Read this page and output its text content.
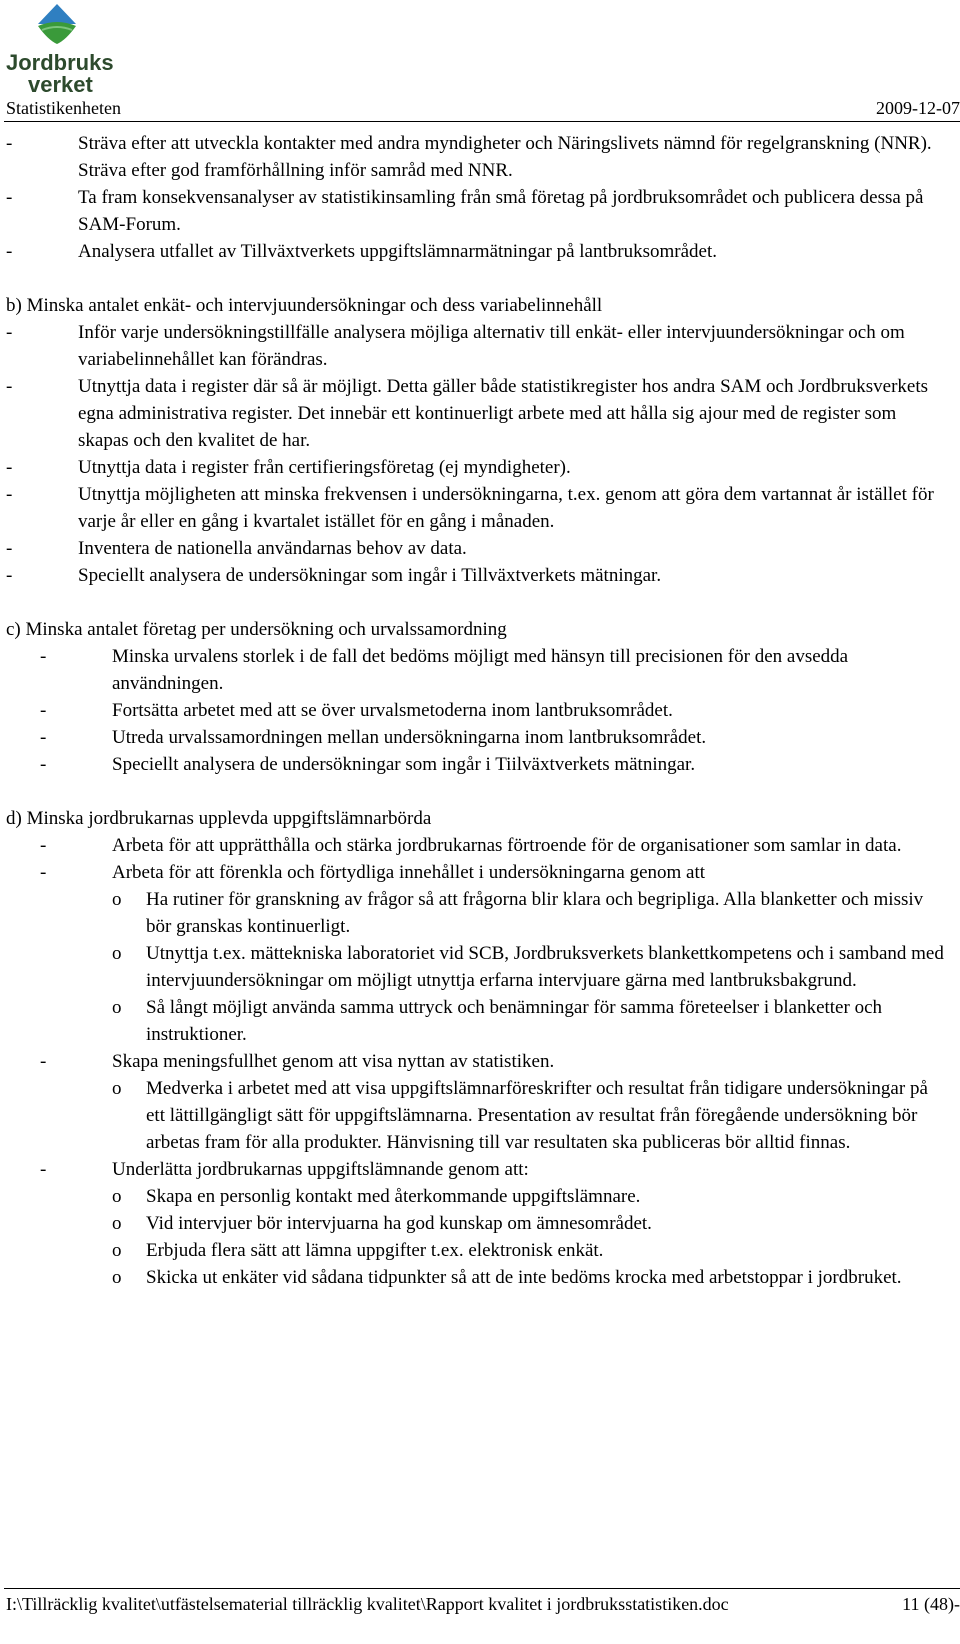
Jordbruks
verket
Statistikenheten	2009-12-07
-	Sträva efter att utveckla kontakter med andra myndigheter och Näringslivets nämnd för regelgranskning (NNR). Sträva efter god framförhållning inför samråd med NNR.
-	Ta fram konsekvensanalyser av statistikinsamling från små företag på jordbruksområdet och publicera dessa på SAM-Forum.
-	Analysera utfallet av Tillväxtverkets uppgiftslämnarmätningar på lantbruksområdet.

b) Minska antalet enkät- och intervjuundersökningar och dess variabelinnehåll

-	Inför varje undersökningstillfälle analysera möjliga alternativ till enkät- eller intervjuundersökningar och om variabelinnehållet kan förändras.
-	Utnyttja data i register där så är möjligt. Detta gäller både statistikregister hos andra SAM och Jordbruksverkets egna administrativa register. Det innebär ett kontinuerligt arbete med att hålla sig ajour med de register som skapas och den kvalitet de har.
-	Utnyttja data i register från certifieringsföretag (ej myndigheter).
-	Utnyttja möjligheten att minska frekvensen i undersökningarna, t.ex. genom att göra dem vartannat år istället för varje år eller en gång i kvartalet istället för en gång i månaden.
-	Inventera de nationella användarnas behov av data.
-	Speciellt analysera de undersökningar som ingår i Tillväxtverkets mätningar.

c) Minska antalet företag per undersökning och urvalssamordning

-	Minska urvalens storlek i de fall det bedöms möjligt med hänsyn till precisionen för den avsedda användningen.
-	Fortsätta arbetet med att se över urvalsmetoderna inom lantbruksområdet.
-	Utreda urvalssamordningen mellan undersökningarna inom lantbruksområdet.
-	Speciellt analysera de undersökningar som ingår i Tiilväxtverkets mätningar.

d) Minska jordbrukarnas upplevda uppgiftslämnarbörda

-	Arbeta för att upprätthålla och stärka jordbrukarnas förtroende för de organisationer som samlar in data.
-	Arbeta för att förenkla och förtydliga innehållet i undersökningarna genom att
o Ha rutiner för granskning av frågor så att frågorna blir klara och begripliga. Alla blanketter och missiv bör granskas kontinuerligt.
o Utnyttja t.ex. mättekniska laboratoriet vid SCB, Jordbruksverkets blankettkompetens och i samband med intervjuundersökningar om möjligt utnyttja erfarna intervjuare gärna med lantbruksbakgrund.
o Så långt möjligt använda samma uttryck och benämningar för samma företeelser i blanketter och instruktioner.
-	Skapa meningsfullhet genom att visa nyttan av statistiken.
o Medverka i arbetet med att visa uppgiftslämnarföreskrifter och resultat från tidigare undersökningar på ett lättillgängligt sätt för uppgiftslämnarna. Presentation av resultat från föregående undersökning bör arbetas fram för alla produkter. Hänvisning till var resultaten ska publiceras bör alltid finnas.
-	Underlätta jordbrukarnas uppgiftslämnande genom att:
o Skapa en personlig kontakt med återkommande uppgiftslämnare.
o Vid intervjuer bör intervjuarna ha god kunskap om ämnesområdet.
o Erbjuda flera sätt att lämna uppgifter t.ex. elektronisk enkät.
o Skicka ut enkäter vid sådana tidpunkter så att de inte bedöms krocka med arbetstoppar i jordbruket.
I:\Tillräcklig kvalitet\utfästelsematerial tillräcklig kvalitet\Rapport kvalitet i jordbruksstatistiken.doc	11 (48)-
